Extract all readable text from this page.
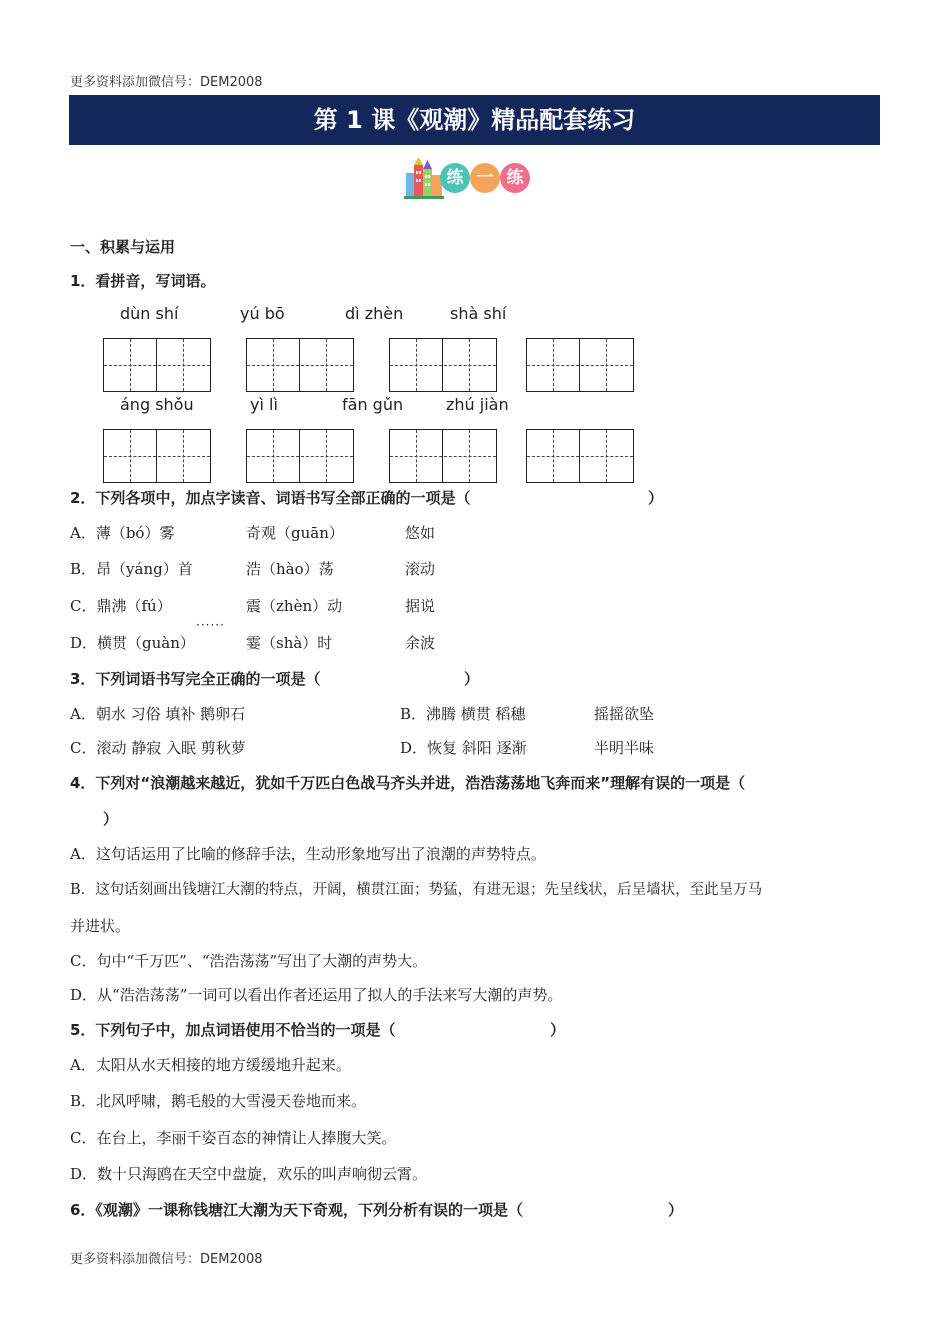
更多资料添加微信号：DEM2008
第 1 课《观潮》精品配套练习
练 一 练
一、积累与运用
1．看拼音，写词语。
dùn shí	yú bō	dì zhèn	shà shí
áng shǒu	yì lì	fān gǔn	zhú jiàn
2．下列各项中，加点字读音、词语书写全部正确的一项是（	）
A．薄（bó）雾	奇观（guān）	悠如
B．昂（yáng）首	浩（hào）荡	滚动
C．鼎沸（fú）	震（zhèn）动	据说
······
D．横贯（guàn）	霎（shà）时	余波
3．下列词语书写完全正确的一项是（	）
A．朝水 习俗 填补 鹅卵石	B．沸腾 横贯 稻穗	摇摇欲坠
C．滚动 静寂 入眠 剪秋萝	D．恢复 斜阳 逐渐	半明半味
4．下列对“浪潮越来越近，犹如千万匹白色战马齐头并进，浩浩荡荡地飞奔而来”理解有误的一项是（
）
A．这句话运用了比喻的修辞手法，生动形象地写出了浪潮的声势特点。
B．这句话刻画出钱塘江大潮的特点，开阔，横贯江面；势猛，有进无退；先呈线状，后呈墙状，至此呈万马
并进状。
C．句中“千万匹”、“浩浩荡荡”写出了大潮的声势大。
D．从“浩浩荡荡”一词可以看出作者还运用了拟人的手法来写大潮的声势。
5．下列句子中，加点词语使用不恰当的一项是（	）
A．太阳从水天相接的地方缓缓地升起来。
B．北风呼啸，鹅毛般的大雪漫天卷地而来。
C．在台上，李丽千姿百态的神情让人捧腹大笑。
D．数十只海鸥在天空中盘旋，欢乐的叫声响彻云霄。
6．《观潮》一课称钱塘江大潮为天下奇观，下列分析有误的一项是（	）
更多资料添加微信号：DEM2008
